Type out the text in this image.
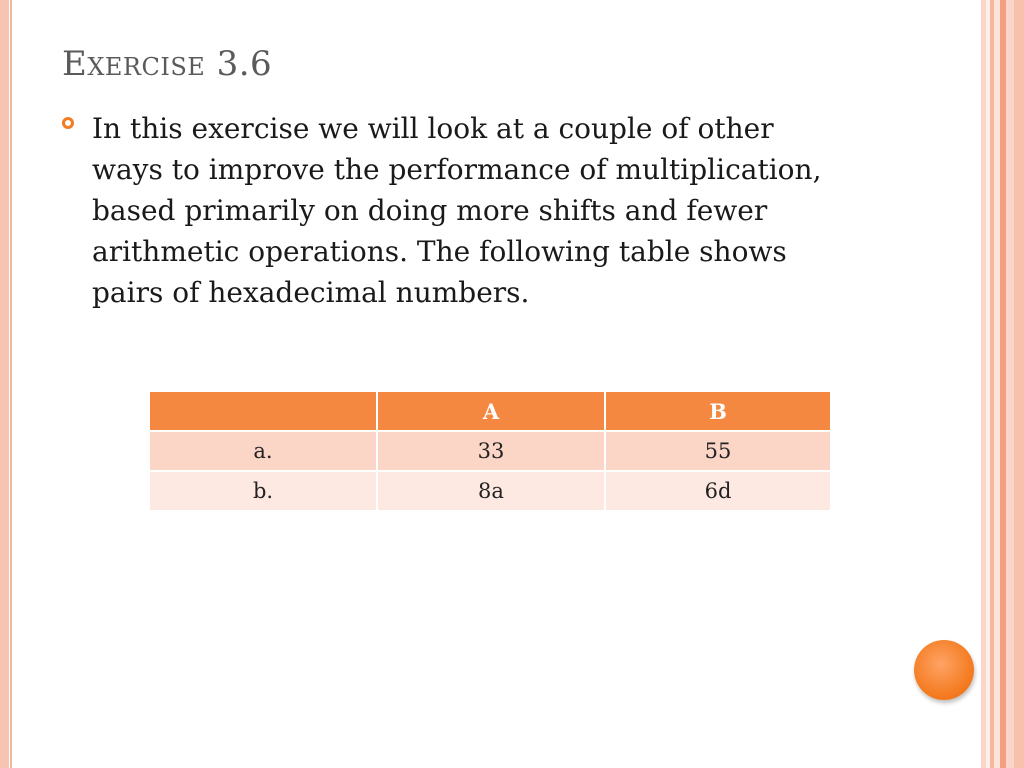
Exercise 3.6

In this exercise we will look at a couple of other ways to improve the performance of multiplication, based primarily on doing more shifts and fewer arithmetic operations. The following table shows pairs of hexadecimal numbers.

	A	B
a.	33	55
b.	8a	6d
